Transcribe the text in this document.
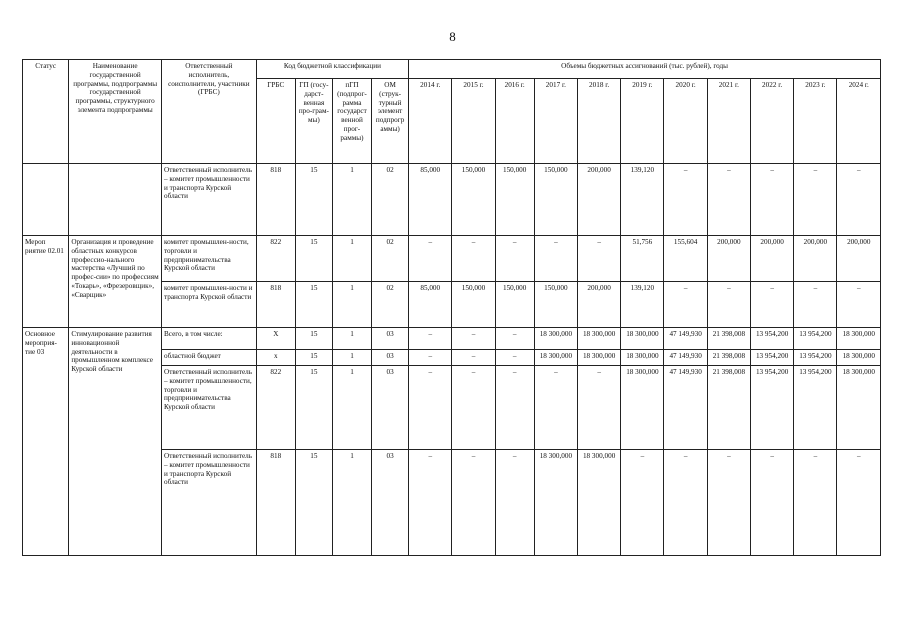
8
Статус	Наименование государственной программы, подпрограммы государственной программы, структурного элемента подпрограммы	Ответственный исполнитель, соисполнители, участники (ГРБС)	Код бюджетной классификации				Объемы бюджетных ассигнований (тыс. рублей), годы										
			ГРБС	ГП (госу-дарст-венная про-грам-мы)	пГП (подпрог-рамма государст венной прог-раммы)	ОМ (струк-турный элемент подпрогр аммы)	2014 г.	2015 г.	2016 г.	2017 г.	2018 г.	2019 г.	2020 г.	2021 г.	2022 г.	2023 г.	2024 г.
		Ответственный исполнитель – комитет промышленности и транспорта Курской области	818	15	1	02	85,000	150,000	150,000	150,000	200,000	139,120	–	–	–	–	–
Мероп риятие 02.01	Организация и проведение областных конкурсов профессио-нального мастерства «Лучший по профес-сии» по профессиям «Токарь», «Фрезеровщик», «Сварщик»	комитет промышлен-ности, торговли и предпринимательства Курской области	822	15	1	02	–	–	–	–	–	51,756	155,604	200,000	200,000	200,000	200,000
		комитет промышлен-ности и транспорта Курской области	818	15	1	02	85,000	150,000	150,000	150,000	200,000	139,120	–	–	–	–	–
Основное мероприя-тие 03	Стимулирование развития инновационной деятельности в промышленном комплексе Курской области	Всего, в том числе:	Х	15	1	03	–	–	–	18 300,000	18 300,000	18 300,000	47 149,930	21 398,008	13 954,200	13 954,200	18 300,000
		областной бюджет	х	15	1	03	–	–	–	18 300,000	18 300,000	18 300,000	47 149,930	21 398,008	13 954,200	13 954,200	18 300,000
		Ответственный исполнитель – комитет промышленности, торговли и предпринимательства Курской области	822	15	1	03	–	–	–	–	–	18 300,000	47 149,930	21 398,008	13 954,200	13 954,200	18 300,000
		Ответственный исполнитель – комитет промышленности и транспорта Курской области	818	15	1	03	–	–	–	18 300,000	18 300,000	–	–	–	–	–	–
